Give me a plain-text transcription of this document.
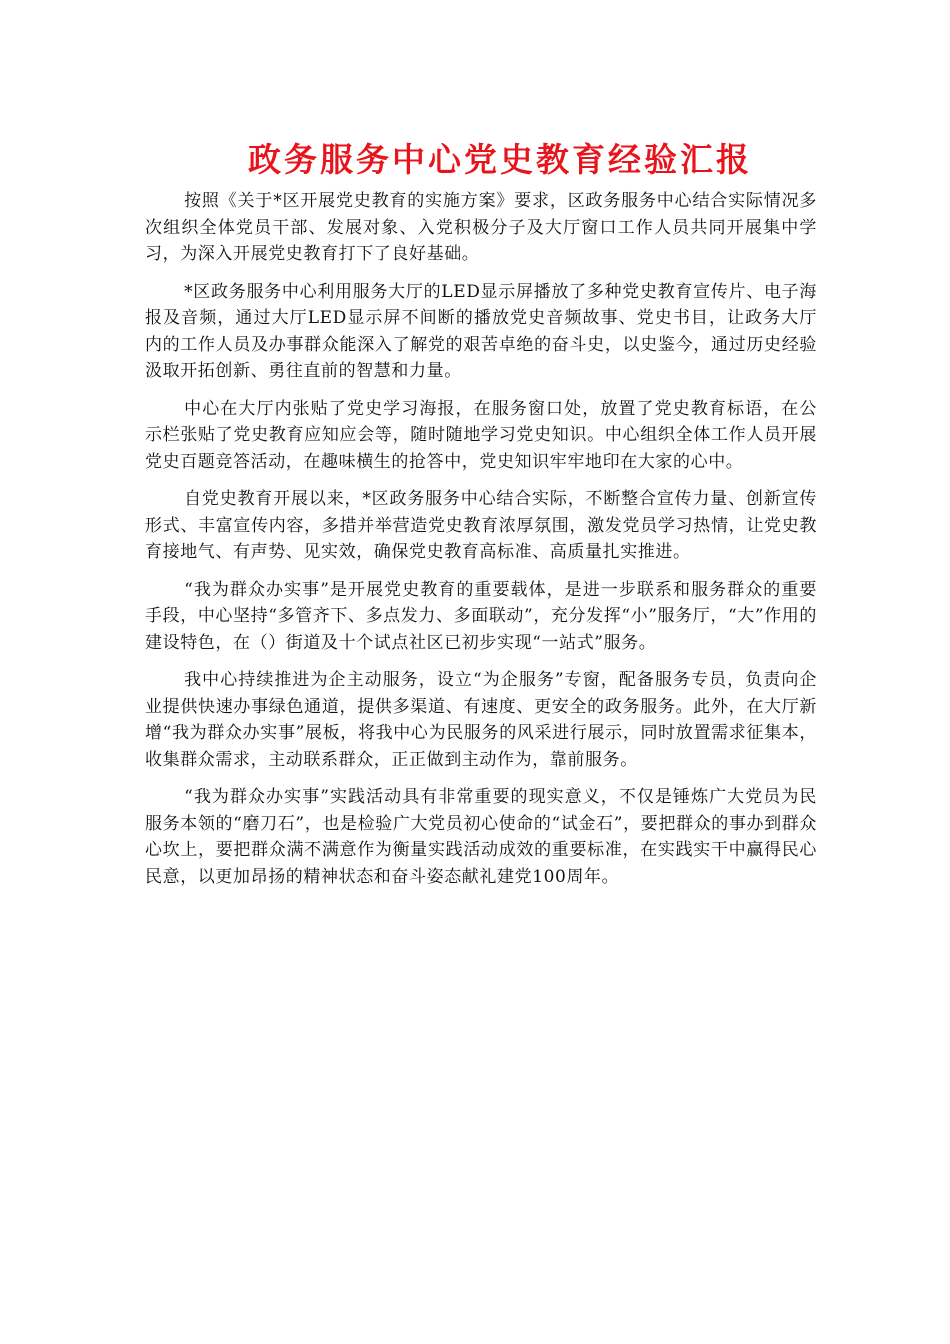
政务服务中心党史教育经验汇报

按照《关于*区开展党史教育的实施方案》要求，区政务服务中心结合实际情况多次组织全体党员干部、发展对象、入党积极分子及大厅窗口工作人员共同开展集中学习，为深入开展党史教育打下了良好基础。

*区政务服务中心利用服务大厅的LED显示屏播放了多种党史教育宣传片、电子海报及音频，通过大厅LED显示屏不间断的播放党史音频故事、党史书目，让政务大厅内的工作人员及办事群众能深入了解党的艰苦卓绝的奋斗史，以史鉴今，通过历史经验汲取开拓创新、勇往直前的智慧和力量。

中心在大厅内张贴了党史学习海报，在服务窗口处，放置了党史教育标语，在公示栏张贴了党史教育应知应会等，随时随地学习党史知识。中心组织全体工作人员开展党史百题竞答活动，在趣味横生的抢答中，党史知识牢牢地印在大家的心中。

自党史教育开展以来，*区政务服务中心结合实际，不断整合宣传力量、创新宣传形式、丰富宣传内容，多措并举营造党史教育浓厚氛围，激发党员学习热情，让党史教育接地气、有声势、见实效，确保党史教育高标准、高质量扎实推进。

“我为群众办实事”是开展党史教育的重要载体，是进一步联系和服务群众的重要手段，中心坚持“多管齐下、多点发力、多面联动”，充分发挥“小”服务厅，“大”作用的建设特色，在（）街道及十个试点社区已初步实现“一站式”服务。

我中心持续推进为企主动服务，设立“为企服务”专窗，配备服务专员，负责向企业提供快速办事绿色通道，提供多渠道、有速度、更安全的政务服务。此外，在大厅新增“我为群众办实事”展板，将我中心为民服务的风采进行展示，同时放置需求征集本，收集群众需求，主动联系群众，正正做到主动作为，靠前服务。

“我为群众办实事”实践活动具有非常重要的现实意义，不仅是锤炼广大党员为民服务本领的“磨刀石”，也是检验广大党员初心使命的“试金石”，要把群众的事办到群众心坎上，要把群众满不满意作为衡量实践活动成效的重要标准，在实践实干中赢得民心民意，以更加昂扬的精神状态和奋斗姿态献礼建党100周年。
